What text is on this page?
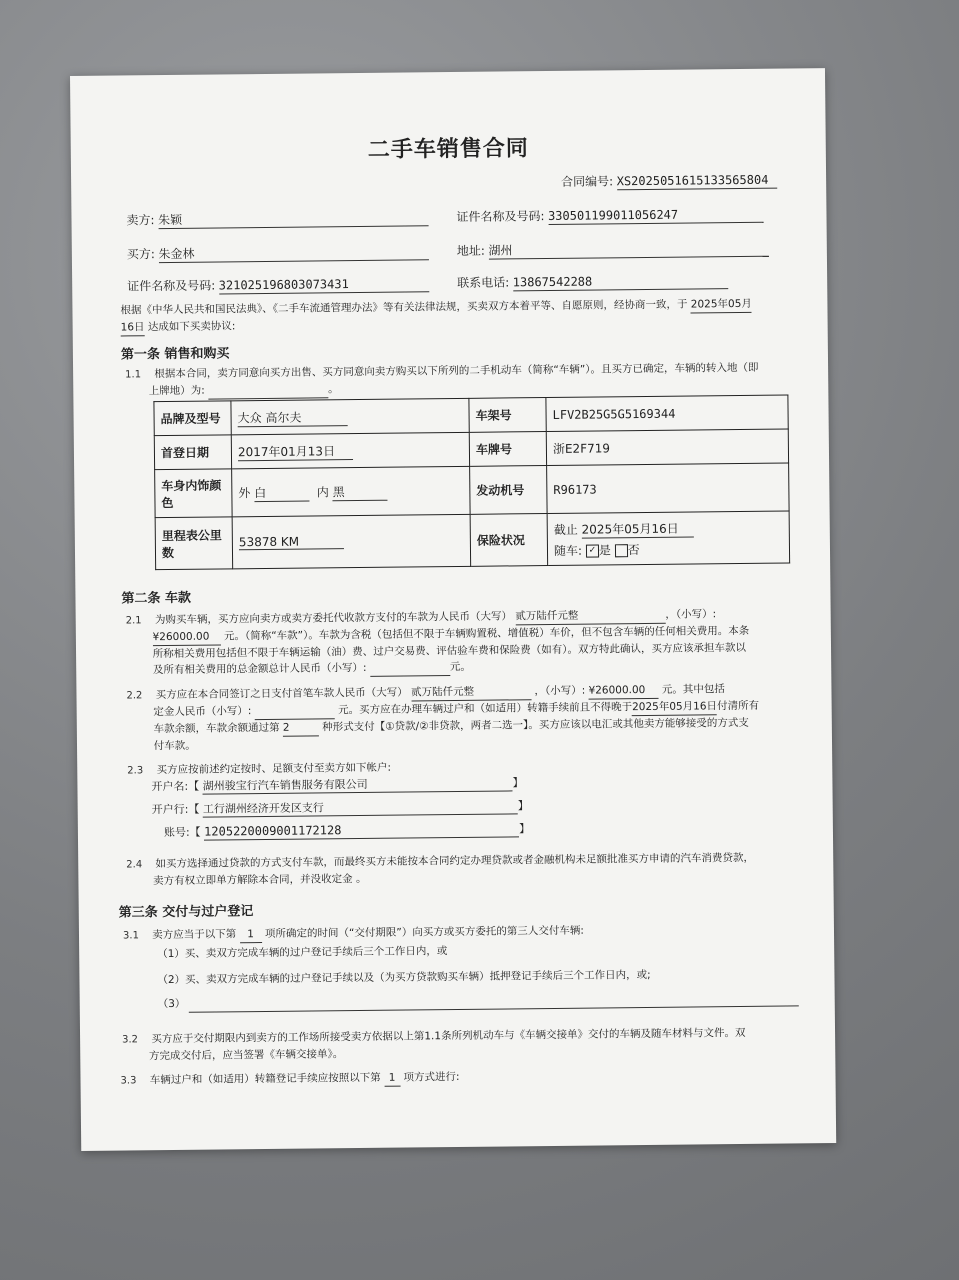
二手车销售合同
合同编号: XS2025051615133565804
卖方: 朱颖	证件名称及号码: 330501199011056247
买方: 朱金林	地址: 湖州
证件名称及号码: 321025196803073431	联系电话: 13867542288

根据《中华人民共和国民法典》、《二手车流通管理办法》等有关法律法规，买卖双方本着平等、自愿原则，经协商一致，于 2025年05月
16日 达成如下买卖协议:

第一条 销售和购买

1.1 根据本合同，卖方同意向买方出售、买方同意向卖方购买以下所列的二手机动车（简称“车辆”）。且买方已确定，车辆的转入地（即
上牌地）为:	。

品牌及型号	大众 高尔夫	车架号	LFV2B25G5G5169344
首登日期	2017年01月13日	车牌号	浙E2F719
车身内饰颜色	外 白 内 黑	发动机号	R96173
里程表公里数	53878 KM	保险状况	截止 2025年05月16日
随车: ✓ 是 否
第二条 车款

2.1 为购买车辆，买方应向卖方或卖方委托代收款方支付的车款为人民币（大写） 贰万陆仟元整	，（小写）:
¥26000.00 元。（简称“车款”）。车款为含税（包括但不限于车辆购置税、增值税）车价，但不包含车辆的任何相关费用。本条
所称相关费用包括但不限于车辆运输（油）费、过户交易费、评估验车费和保险费（如有）。双方特此确认，买方应该承担车款以
及所有相关费用的总金额总计人民币（小写）:	元。

2.2 买方应在本合同签订之日支付首笔车款人民币（大写） 贰万陆仟元整	，（小写）: ¥26000.00 元。其中包括
定金人民币（小写）:	元。买方应在办理车辆过户和（如适用）转籍手续前且不得晚于2025年05月16日付清所有
车款余额，车款余额通过第 2	种形式支付【①贷款/②非贷款，两者二选一】。买方应该以电汇或其他卖方能够接受的方式支
付车款。

2.3 买方应按前述约定按时、足额支付至卖方如下帐户:

开户名:【 湖州骏宝行汽车销售服务有限公司	】
开户行:【 工行湖州经济开发区支行	】
账号:【 1205220009001172128	】

2.4 如买方选择通过贷款的方式支付车款，而最终买方未能按本合同约定办理贷款或者金融机构未足额批准买方申请的汽车消费贷款，
卖方有权立即单方解除本合同，并没收定金 。

第三条 交付与过户登记

3.1 卖方应当于以下第 1 项所确定的时间（“交付期限”）向买方或买方委托的第三人交付车辆:

（1）买、卖双方完成车辆的过户登记手续后三个工作日内，或
（2）买、卖双方完成车辆的过户登记手续以及（为买方贷款购买车辆）抵押登记手续后三个工作日内，或;
（3）

3.2 买方应于交付期限内到卖方的工作场所接受卖方依据以上第1.1条所列机动车与《车辆交接单》交付的车辆及随车材料与文件。双
方完成交付后，应当签署《车辆交接单》。

3.3 车辆过户和（如适用）转籍登记手续应按照以下第 1 项方式进行:
